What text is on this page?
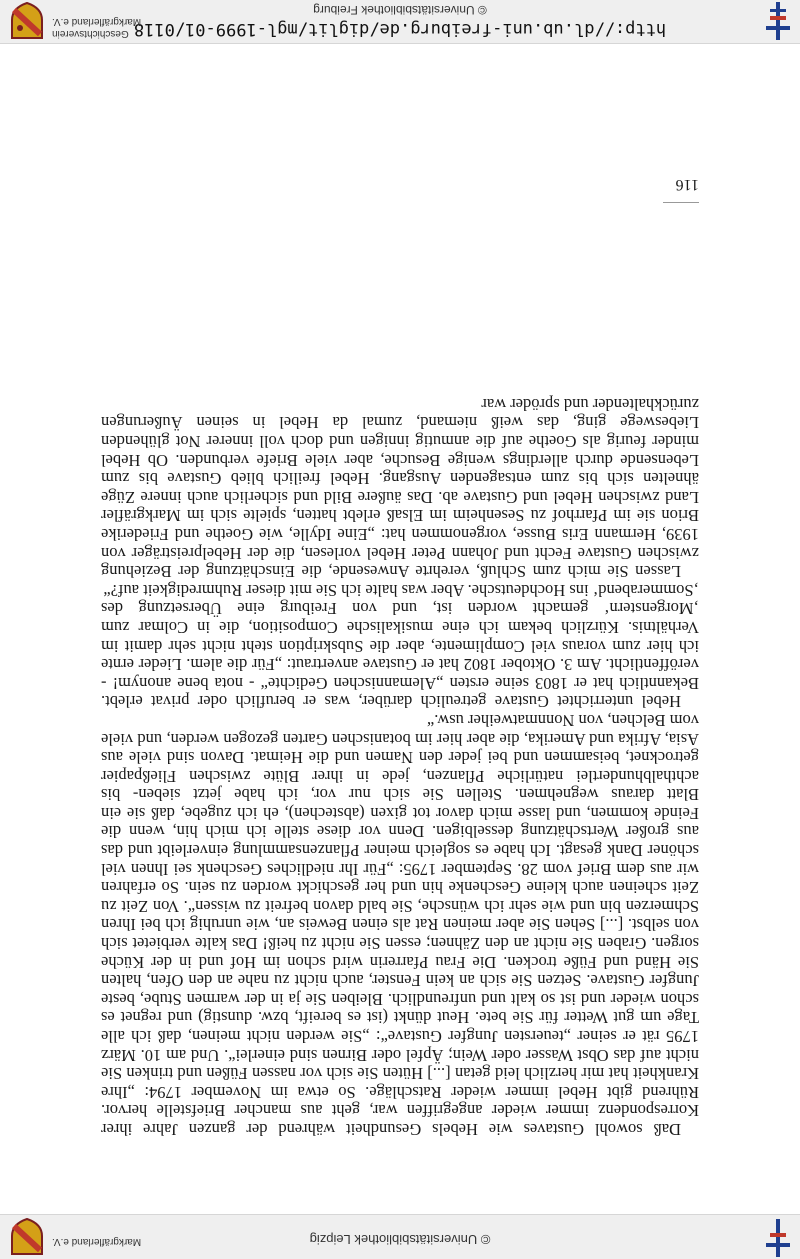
© Universitätsbibliothek Leipzig
Markgräflerland e.V.

Daß sowohl Gustaves wie Hebels Gesundheit während der ganzen Jahre ihrer Korrespondenz immer wieder angegriffen war, geht aus mancher Briefstelle hervor. Rührend gibt Hebel immer wieder Ratschläge. So etwa im November 1794: „Ihre Krankheit hat mir herzlich leid getan [...] Hüten Sie sich vor nassen Füßen und trinken Sie nicht auf das Obst Wasser oder Wein; Äpfel oder Birnen sind einerlei“. Und am 10. März 1795 rät er seiner „teuersten Jungfer Gustave“: „Sie werden nicht meinen, daß ich alle Tage um gut Wetter für Sie bete. Heut dünkt (ist es bereift, bzw. dunstig) und regnet es schon wieder und ist so kalt und unfreundlich. Bleiben Sie ja in der warmen Stube, beste Jungfer Gustave. Setzen Sie sich an kein Fenster, auch nicht zu nahe an den Ofen, halten Sie Händ und Füße trocken. Die Frau Pfarrerin wird schon im Hof und in der Küche sorgen. Graben Sie nicht an den Zähnen; essen Sie nicht zu heiß! Das kalte verbietet sich von selbst. [...] Sehen Sie aber meinen Rat als einen Beweis an, wie unruhig ich bei Ihren Schmerzen bin und wie sehr ich wünsche, Sie bald davon befreit zu wissen“. Von Zeit zu Zeit scheinen auch kleine Geschenke hin und her geschickt worden zu sein. So erfahren wir aus dem Brief vom 28. September 1795: „Für Ihr niedliches Geschenk sei Ihnen viel schöner Dank gesagt. Ich habe es sogleich meiner Pflanzensammlung einverleibt und das aus großer Wertschätzung desselbigen. Denn vor diese stelle ich mich hin, wenn die Feinde kommen, und lasse mich davor tot gixen (abstechen), eh ich zugebe, daß sie ein Blatt daraus wegnehmen. Stellen Sie sich nur vor, ich habe jetzt sieben- bis achthalbhundertlei natürliche Pflanzen, jede in ihrer Blüte zwischen Fließpapier getrocknet, beisammen und bei jeder den Namen und die Heimat. Davon sind viele aus Asia, Afrika und Amerika, die aber hier im botanischen Garten gezogen werden, und viele vom Belchen, von Nonnmatweiher usw.“

Hebel unterrichtet Gustave getreulich darüber, was er beruflich oder privat erlebt. Bekanntlich hat er 1803 seine ersten „Alemannischen Gedichte“ - nota bene anonym! - veröffentlicht. Am 3. Oktober 1802 hat er Gustave anvertraut: „Für die alem. Lieder ernte ich hier zum voraus viel Complimente, aber die Subskription steht nicht sehr damit im Verhältnis. Kürzlich bekam ich eine musikalische Composition, die in Colmar zum ‚Morgenstern‘ gemacht worden ist, und von Freiburg eine Übersetzung des ‚Sommerabend‘ ins Hochdeutsche. Aber was halte ich Sie mit dieser Ruhmredigkeit auf?“

Lassen Sie mich zum Schluß, verehrte Anwesende, die Einschätzung der Beziehung zwischen Gustave Fecht und Johann Peter Hebel vorlesen, die der Hebelpreisträger von 1939, Hermann Eris Busse, vorgenommen hat: „Eine Idylle, wie Goethe und Friederike Brion sie im Pfarrhof zu Sesenheim im Elsaß erlebt hatten, spielte sich im Markgräfler Land zwischen Hebel und Gustave ab. Das äußere Bild und sicherlich auch innere Züge ähnelten sich bis zum entsagenden Ausgang. Hebel freilich blieb Gustave bis zum Lebensende durch allerdings wenige Besuche, aber viele Briefe verbunden. Ob Hebel minder feurig als Goethe auf die anmutig innigen und doch voll innerer Not glühenden Liebeswege ging, das weiß niemand, zumal da Hebel in seinen Äußerungen zurückhaltender und spröder war

116
http://dl.ub.uni-freiburg.de/diglit/mgl-1999-01/0118
© Universitätsbibliothek Freiburg
Geschichtsverein
Markgräflerland e.V.
